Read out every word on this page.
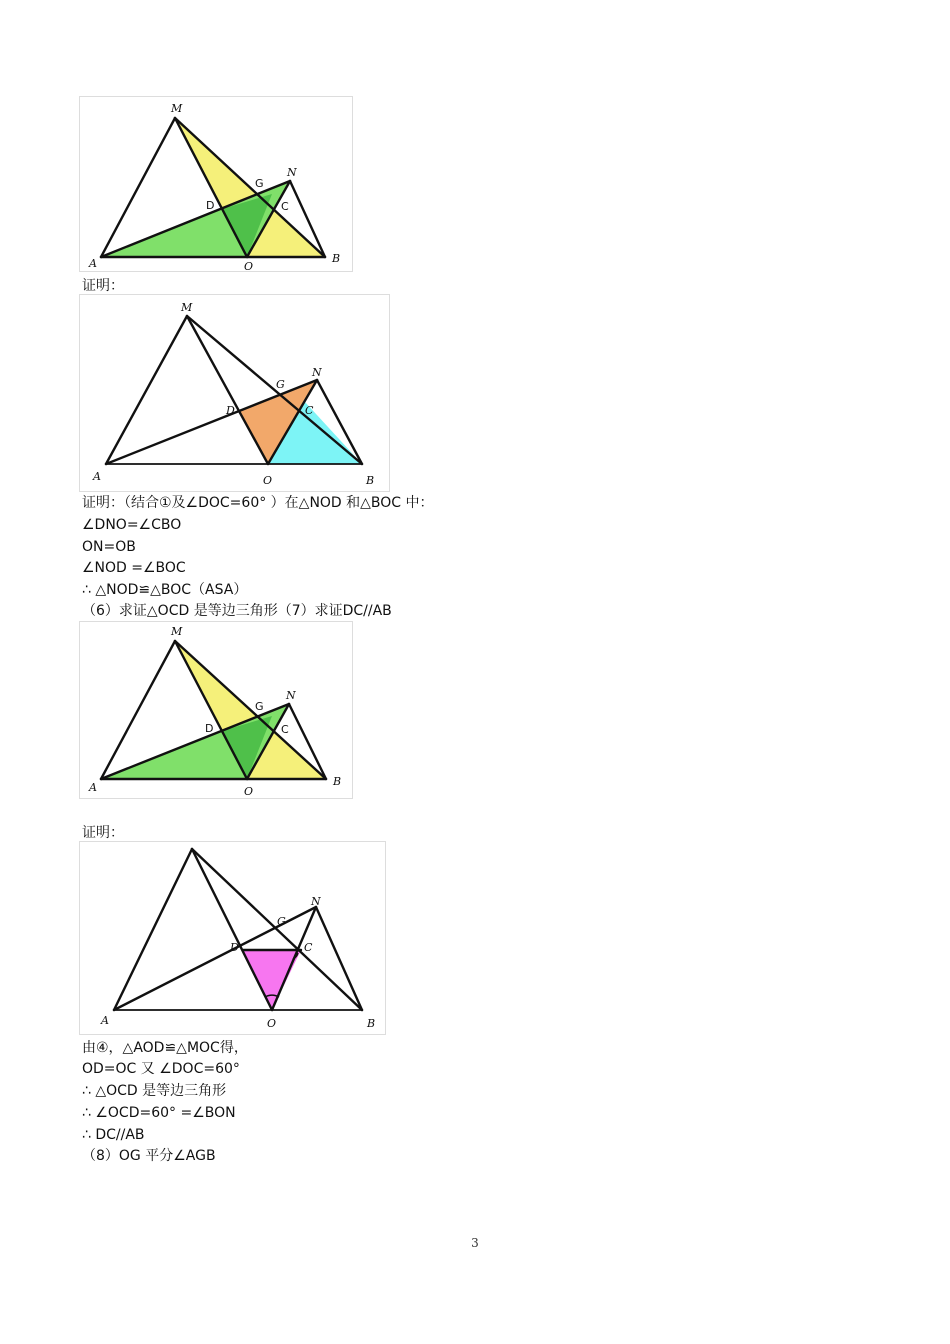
M
N
G
D	C
A	O
B
证明：
M
N
G
D	C
A	O	B
证明：（结合①及∠DOC=60° ）在△NOD 和△BOC 中：
∠DNO=∠CBO
ON=OB
∠NOD =∠BOC
∴ △NOD≌△BOC（ASA）
（6）求证△OCD 是等边三角形（7）求证DC//AB
M
N
G
D	C
A	O
B
证明：
N
G
D	C
A	O	B
由④，△AOD≌△MOC得，
OD=OC 又 ∠DOC=60°
∴ △OCD 是等边三角形
∴ ∠OCD=60° =∠BON
∴ DC//AB
（8）OG 平分∠AGB
3
